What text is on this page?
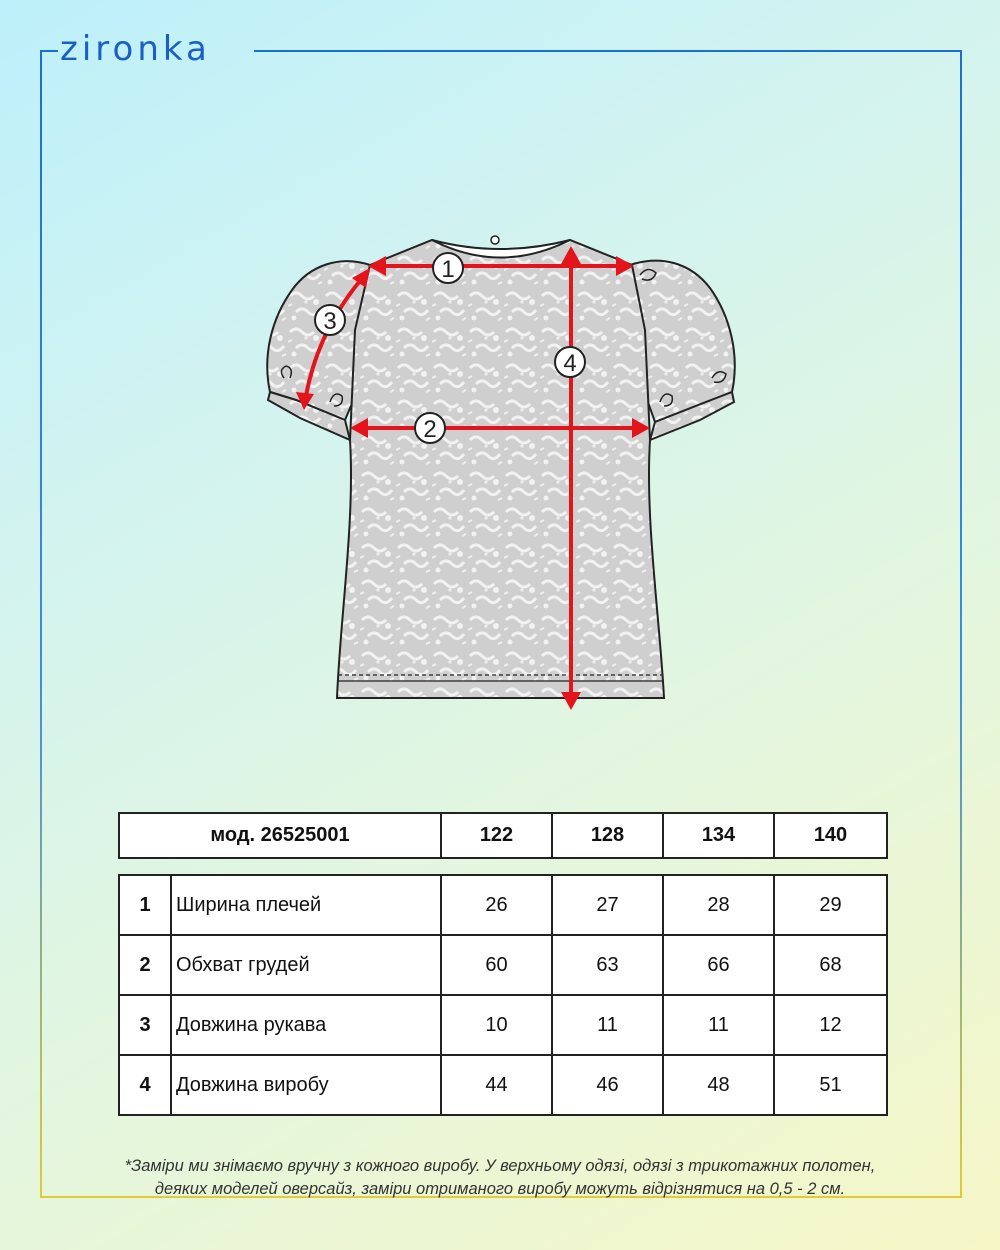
zironka
1
2
3
4
мод. 26525001	122	128	134	140
1	Ширина плечей	26	27	28	29
2	Обхват грудей	60	63	66	68
3	Довжина рукава	10	11	11	12
4	Довжина виробу	44	46	48	51
*Заміри ми знімаємо вручну з кожного виробу. У верхньому одязі, одязі з трикотажних полотен,
деяких моделей оверсайз, заміри отриманого виробу можуть відрізнятися на 0,5 - 2 см.
